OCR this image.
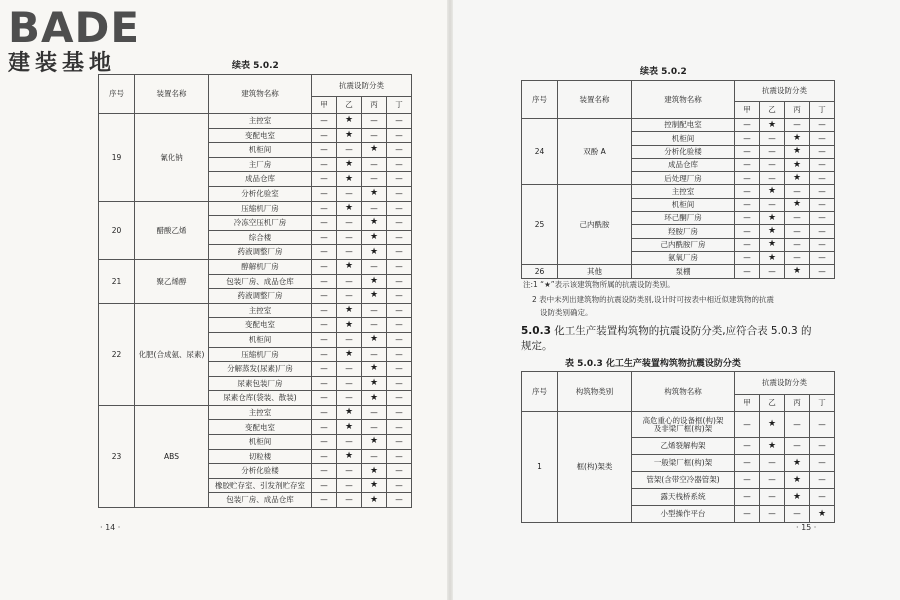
BADE
建装基地	续表 5.0.2
序号	装置名称	建筑物名称	抗震设防分类			
			甲	乙	丙	丁
19	氰化钠	主控室	—	★	—	—
		变配电室	—	★	—	—
		机柜间	—	—	★	—
		主厂房	—	★	—	—
		成品仓库	—	★	—	—
		分析化验室	—	—	★	—
20	醋酸乙烯	压缩机厂房	—	★	—	—
		冷冻空压机厂房	—	—	★	—
		综合楼	—	—	★	—
		药液调整厂房	—	—	★	—
21	聚乙烯醇	醇解机厂房	—	★	—	—
		包装厂房、成品仓库	—	—	★	—
		药液调整厂房	—	—	★	—
22	化肥(合成氨、尿素)	主控室	—	★	—	—
		变配电室	—	★	—	—
		机柜间	—	—	★	—
		压缩机厂房	—	★	—	—
		分解蒸发(尿素)厂房	—	—	★	—
		尿素包装厂房	—	—	★	—
		尿素仓库(袋装、散装)	—	—	★	—
23	ABS	主控室	—	★	—	—
		变配电室	—	★	—	—
		机柜间	—	—	★	—
		切粒楼	—	★	—	—
		分析化验楼	—	—	★	—
		橡胶贮存室、引发剂贮存室	—	—	★	—
		包装厂房、成品仓库	—	—	★	—
· 14 ·
续表 5.0.2
序号	装置名称	建筑物名称	抗震设防分类			
			甲	乙	丙	丁
24	双酚 A	控制配电室	—	★	—	—
		机柜间	—	—	★	—
		分析化验楼	—	—	★	—
		成品仓库	—	—	★	—
		后处理厂房	—	—	★	—
25	己内酰胺	主控室	—	★	—	—
		机柜间	—	—	★	—
		环己酮厂房	—	★	—	—
		羟胺厂房	—	★	—	—
		己内酰胺厂房	—	★	—	—
		氨氧厂房	—	★	—	—
26	其他	泵棚	—	—	★	—
注:1 “★”表示该建筑物所属的抗震设防类别。
2 表中未列出建筑物的抗震设防类别,设计时可按表中相近似建筑物的抗震
设防类别确定。
5.0.3 化工生产装置构筑物的抗震设防分类,应符合表 5.0.3 的
规定。
表 5.0.3 化工生产装置构筑物抗震设防分类
序号	构筑物类别	构筑物名称	抗震设防分类			
			甲	乙	丙	丁
1	框(构)架类	高危重心的设备框(构)架
及非梁厂框(构)架	—	★	—	—

		乙烯裂解构架	—	★	—	—

		一般梁厂框(构)架	—	—	★	—

		管架(含带空冷器管架)	—	—	★	—

		露天栈桥系统	—	—	★	—

		小型操作平台	—	—	—	★
· 15 ·
